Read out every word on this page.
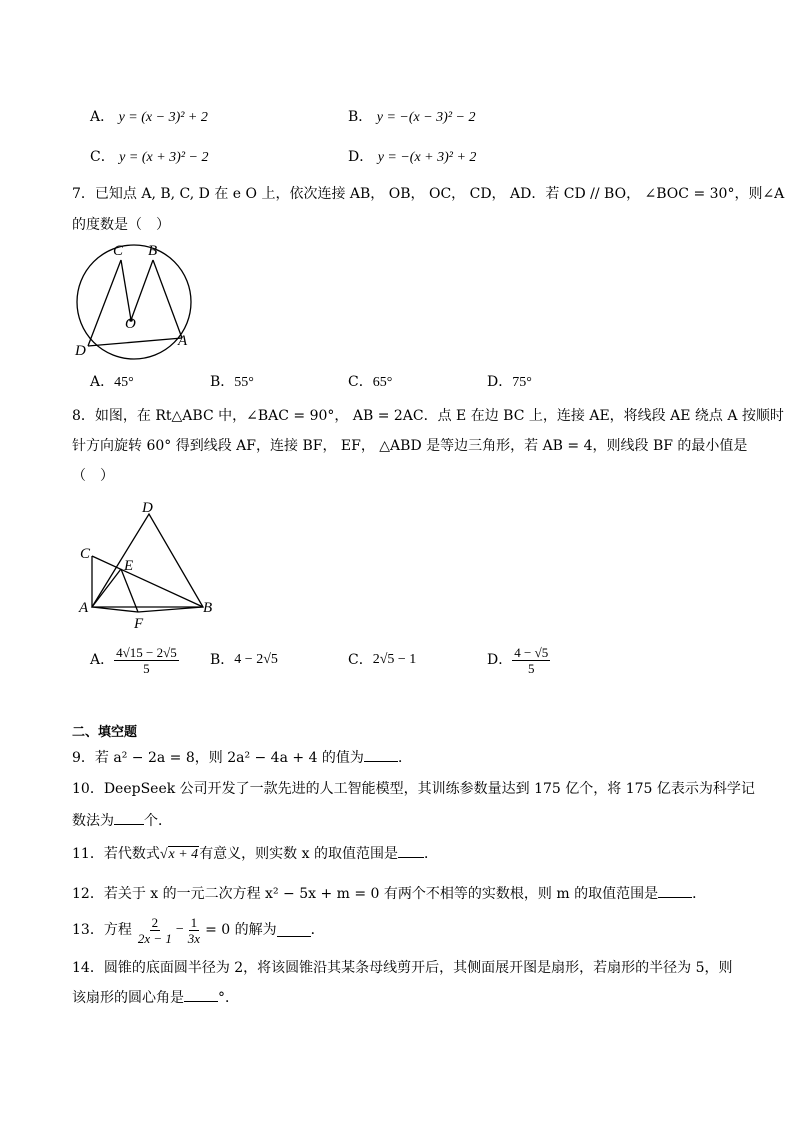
A． y = (x − 3)² + 2	B． y = −(x − 3)² − 2
C． y = (x + 3)² − 2	D． y = −(x + 3)² + 2
7．已知点 A, B, C, D 在 e O 上，依次连接 AB， OB， OC， CD， AD．若 CD // BO， ∠BOC = 30°，则∠A
的度数是（　）
C B
O
D
A
A．45°	B．55°	C．65°	D．75°
8．如图，在 Rt△ABC 中，∠BAC = 90°， AB = 2AC．点 E 在边 BC 上，连接 AE，将线段 AE 绕点 A 按顺时
针方向旋转 60° 得到线段 AF，连接 BF， EF， △ABD 是等边三角形，若 AB = 4，则线段 BF 的最小值是
（　）
D
C
E
A	B
F
A． $\frac{4√15 - 2√5}{5}$ B． 4 − 2√5	C． 2√5 − 1	D． $\frac{4 - √5}{5}$
二、填空题
9．若 a² − 2a = 8，则 2a² − 4a + 4 的值为 ．
10．DeepSeek 公司开发了一款先进的人工智能模型，其训练参数量达到 175 亿个，将 175 亿表示为科学记
数法为 个．
11．若代数式√x + 4有意义，则实数 x 的取值范围是 ．
12．若关于 x 的一元二次方程 x² − 5x + m = 0 有两个不相等的实数根，则 m 的取值范围是 ．
13．方程 $\frac{2}{2x - 1} - \frac{1}{3x} = 0$ 的解为 ．
14．圆锥的底面圆半径为 2，将该圆锥沿其某条母线剪开后，其侧面展开图是扇形，若扇形的半径为 5，则
该扇形的圆心角是 °．
